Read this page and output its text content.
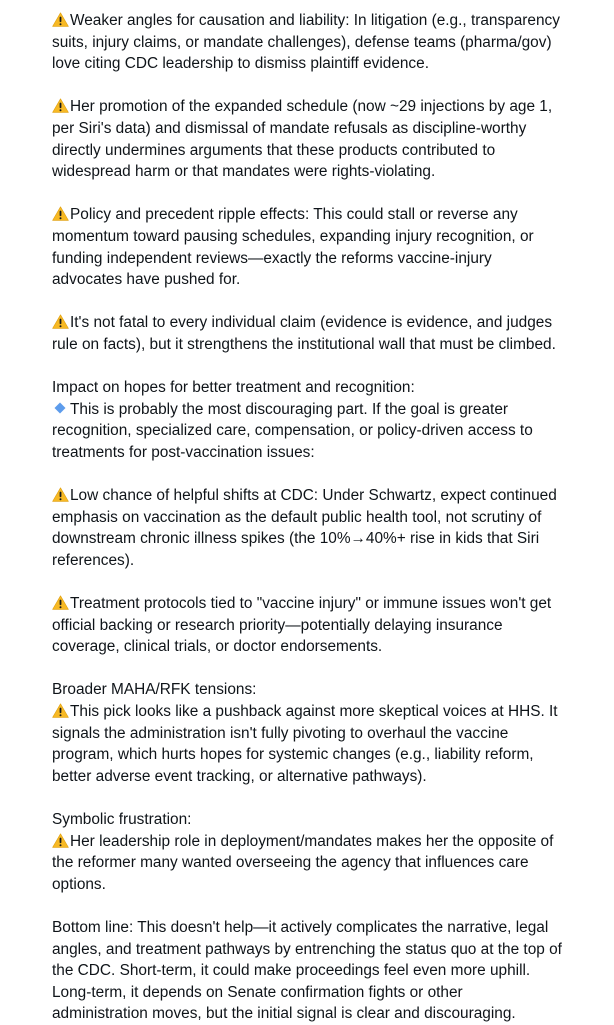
Weaker angles for causation and liability: In litigation (e.g., transparency
suits, injury claims, or mandate challenges), defense teams (pharma/gov)
love citing CDC leadership to dismiss plaintiff evidence.
Her promotion of the expanded schedule (now ~29 injections by age 1,
per Siri's data) and dismissal of mandate refusals as discipline-worthy
directly undermines arguments that these products contributed to
widespread harm or that mandates were rights-violating.
Policy and precedent ripple effects: This could stall or reverse any
momentum toward pausing schedules, expanding injury recognition, or
funding independent reviews—exactly the reforms vaccine-injury
advocates have pushed for.
It's not fatal to every individual claim (evidence is evidence, and judges
rule on facts), but it strengthens the institutional wall that must be climbed.
Impact on hopes for better treatment and recognition:
This is probably the most discouraging part. If the goal is greater
recognition, specialized care, compensation, or policy-driven access to
treatments for post-vaccination issues:
Low chance of helpful shifts at CDC: Under Schwartz, expect continued
emphasis on vaccination as the default public health tool, not scrutiny of
downstream chronic illness spikes (the 10%→40%+ rise in kids that Siri
references).
Treatment protocols tied to "vaccine injury" or immune issues won't get
official backing or research priority—potentially delaying insurance
coverage, clinical trials, or doctor endorsements.
Broader MAHA/RFK tensions:
This pick looks like a pushback against more skeptical voices at HHS. It
signals the administration isn't fully pivoting to overhaul the vaccine
program, which hurts hopes for systemic changes (e.g., liability reform,
better adverse event tracking, or alternative pathways).
Symbolic frustration:
Her leadership role in deployment/mandates makes her the opposite of
the reformer many wanted overseeing the agency that influences care
options.
Bottom line: This doesn't help—it actively complicates the narrative, legal
angles, and treatment pathways by entrenching the status quo at the top of
the CDC. Short-term, it could make proceedings feel even more uphill.
Long-term, it depends on Senate confirmation fights or other
administration moves, but the initial signal is clear and discouraging.
